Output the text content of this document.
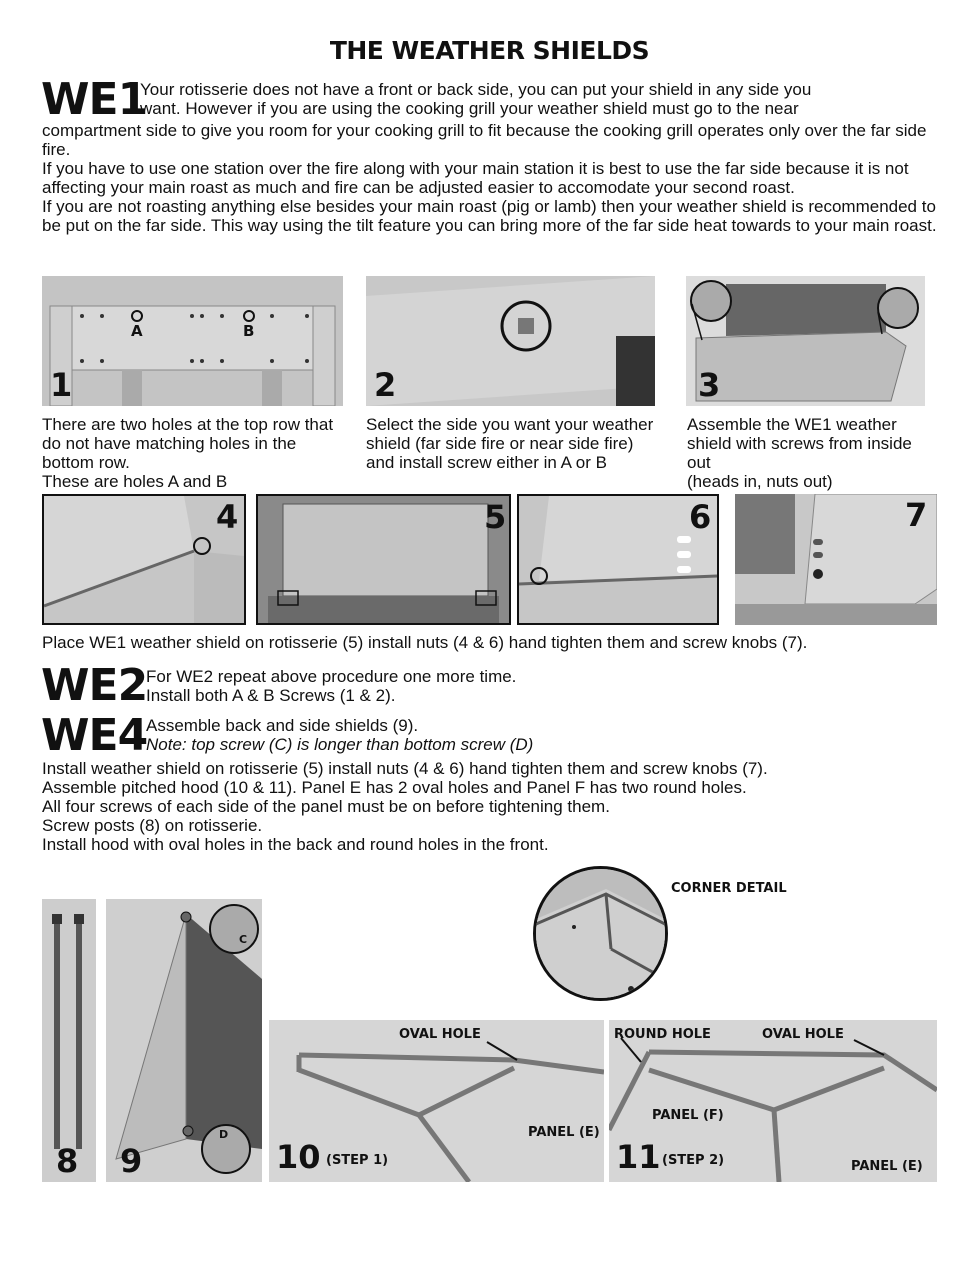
THE WEATHER SHIELDS
WE1
Your rotisserie does not have a front or back side, you can put your shield in any side you
want. However if you are using the cooking grill your weather shield must go to the near

compartment side to give you room for your cooking grill to fit because the cooking grill operates only over the far side fire.

If you have to use one station over the fire along with your main station it is best to use the far side because it is not affecting your main roast as much and fire can be adjusted easier to accomodate your second roast.

If you are not roasting anything else besides your main roast (pig or lamb) then your weather shield is recommended to be put on the far side. This way using the tilt feature you can bring more of the far side heat towards to your main roast.

A	B
1	2	3
There are two holes at the top row that do not have matching holes in the bottom row.
These are holes A and B
Select the side you want your weather shield (far side fire or near side fire) and install screw either in A or B
Assemble the WE1 weather shield with screws from inside out
(heads in, nuts out)
4	5	6	7
Place WE1 weather shield on rotisserie (5) install nuts (4 & 6) hand tighten them and screw knobs (7).
WE2
For WE2 repeat above procedure one more time.
Install both A & B Screws (1 & 2).
WE4
Assemble back and side shields (9).
Note: top screw (C) is longer than bottom screw (D)
Install weather shield on rotisserie (5) install nuts (4 & 6) hand tighten them and screw knobs (7).
Assemble pitched hood (10 & 11). Panel E has 2 oval holes and Panel F has two round holes.
All four screws of each side of the panel must be on before tightening them.
Screw posts (8) on rotisserie.
Install hood with oval holes in the back and round holes in the front.
CORNER DETAIL
8
C
D
9
OVAL HOLE
PANEL (E)
10 (STEP 1)
ROUND HOLE	OVAL HOLE
PANEL (F)
PANEL (E)
11 (STEP 2)
